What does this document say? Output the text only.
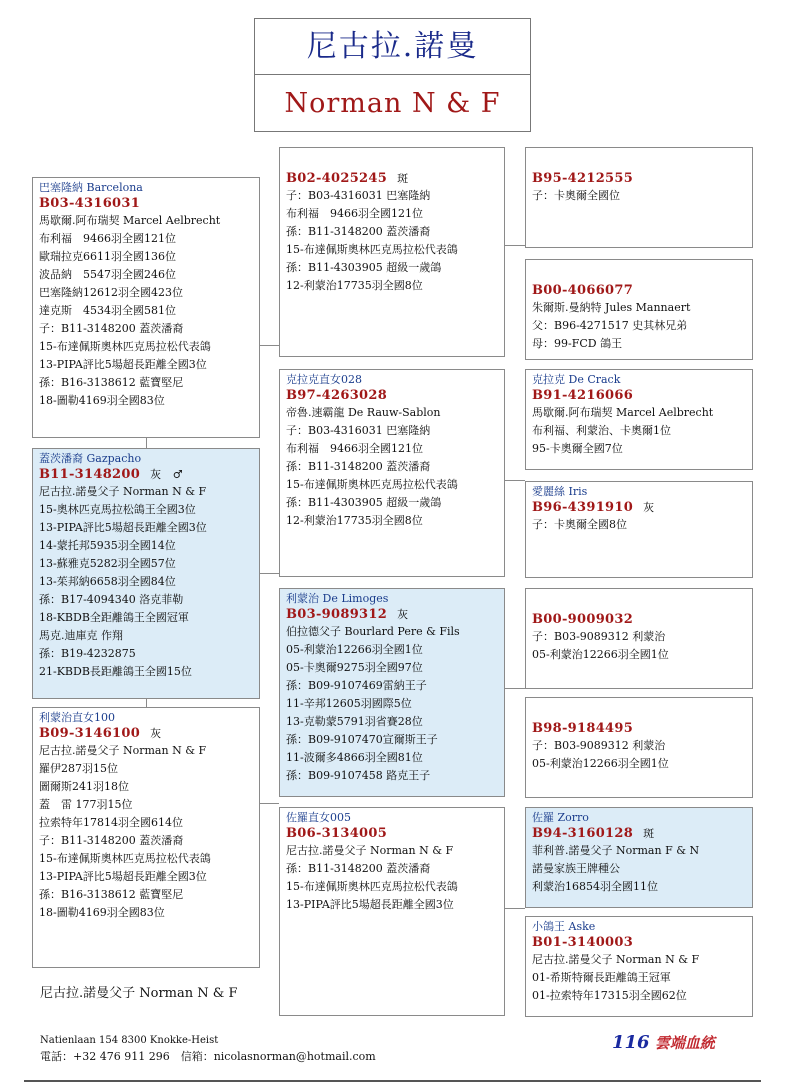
尼古拉.諾曼
Norman N & F
巴塞隆納 Barcelona
B03-4316031
馬歇爾.阿布瑞契 Marcel Aelbrecht
布利福　9466羽全國121位
歐瑞拉克6611羽全國136位
波品納　5547羽全國246位
巴塞隆納12612羽全國423位
達克斯　4534羽全國581位
子：B11-3148200 蓋茨潘裔
15-布達佩斯奧林匹克馬拉松代表鴿
13-PIPA評比5場超長距離全國3位
孫：B16-3138612 藍寶堅尼
18-圖勒4169羽全國83位
蓋茨潘裔 Gazpacho
B11-3148200 灰　♂
尼古拉.諾曼父子 Norman N & F
15-奧林匹克馬拉松鴿王全國3位
13-PIPA評比5場超長距離全國3位
14-蒙托邦5935羽全國14位
13-蘇雅克5282羽全國57位
13-茱邦納6658羽全國84位
孫：B17-4094340 洛克菲勒
18-KBDB全距離鴿王全國冠軍
馬克.迪庫克 作翔
孫：B19-4232875
21-KBDB長距離鴿王全國15位
利蒙治直女100
B09-3146100 灰
尼古拉.諾曼父子 Norman N & F
羅伊287羽15位
圖爾斯241羽18位
蓋　雷 177羽15位
拉索特年17814羽全國614位
子：B11-3148200 蓋茨潘裔
15-布達佩斯奧林匹克馬拉松代表鴿
13-PIPA評比5場超長距離全國3位
孫：B16-3138612 藍寶堅尼
18-圖勒4169羽全國83位
B02-4025245 斑
子：B03-4316031 巴塞隆納
布利福　9466羽全國121位
孫：B11-3148200 蓋茨潘裔
15-布達佩斯奧林匹克馬拉松代表鴿
孫：B11-4303905 超級一歲鴿
12-利蒙治17735羽全國8位
克拉克直女028
B97-4263028
帝魯.速霸龍 De Rauw-Sablon
子：B03-4316031 巴塞隆納
布利福　9466羽全國121位
孫：B11-3148200 蓋茨潘裔
15-布達佩斯奧林匹克馬拉松代表鴿
孫：B11-4303905 超級一歲鴿
12-利蒙治17735羽全國8位
利蒙治 De Limoges
B03-9089312 灰
伯拉德父子 Bourlard Pere & Fils
05-利蒙治12266羽全國1位
05-卡奧爾9275羽全國97位
孫：B09-9107469雷納王子
11-辛邦12605羽國際5位
13-克勒蒙5791羽省賽28位
孫：B09-9107470宣爾斯王子
11-波爾多4866羽全國81位
孫：B09-9107458 路克王子
佐羅直女005
B06-3134005
尼古拉.諾曼父子 Norman N & F
孫：B11-3148200 蓋茨潘裔
15-布達佩斯奧林匹克馬拉松代表鴿
13-PIPA評比5場超長距離全國3位
B95-4212555
子：卡奧爾全國位
B00-4066077
朱爾斯.曼納特 Jules Mannaert
父：B96-4271517 史其林兄弟
母：99-FCD 鴿王
克拉克 De Crack
B91-4216066
馬歇爾.阿布瑞契 Marcel Aelbrecht
布利福、利蒙治、卡奧爾1位
95-卡奧爾全國7位
愛麗絲 Iris
B96-4391910 灰
子：卡奧爾全國8位
B00-9009032
子：B03-9089312 利蒙治
05-利蒙治12266羽全國1位
B98-9184495
子：B03-9089312 利蒙治
05-利蒙治12266羽全國1位
佐羅 Zorro
B94-3160128 斑
菲利普.諾曼父子 Norman F & N
諾曼家族王牌種公
利蒙治16854羽全國11位
小鴿王 Aske
B01-3140003
尼古拉.諾曼父子 Norman N & F
01-希斯特爾長距離鴿王冠軍
01-拉索特年17315羽全國62位
尼古拉.諾曼父子 Norman N & F
Natienlaan 154 8300 Knokke-Heist
電話：+32 476 911 296　信箱：nicolasnorman@hotmail.com
116 雲端血統
